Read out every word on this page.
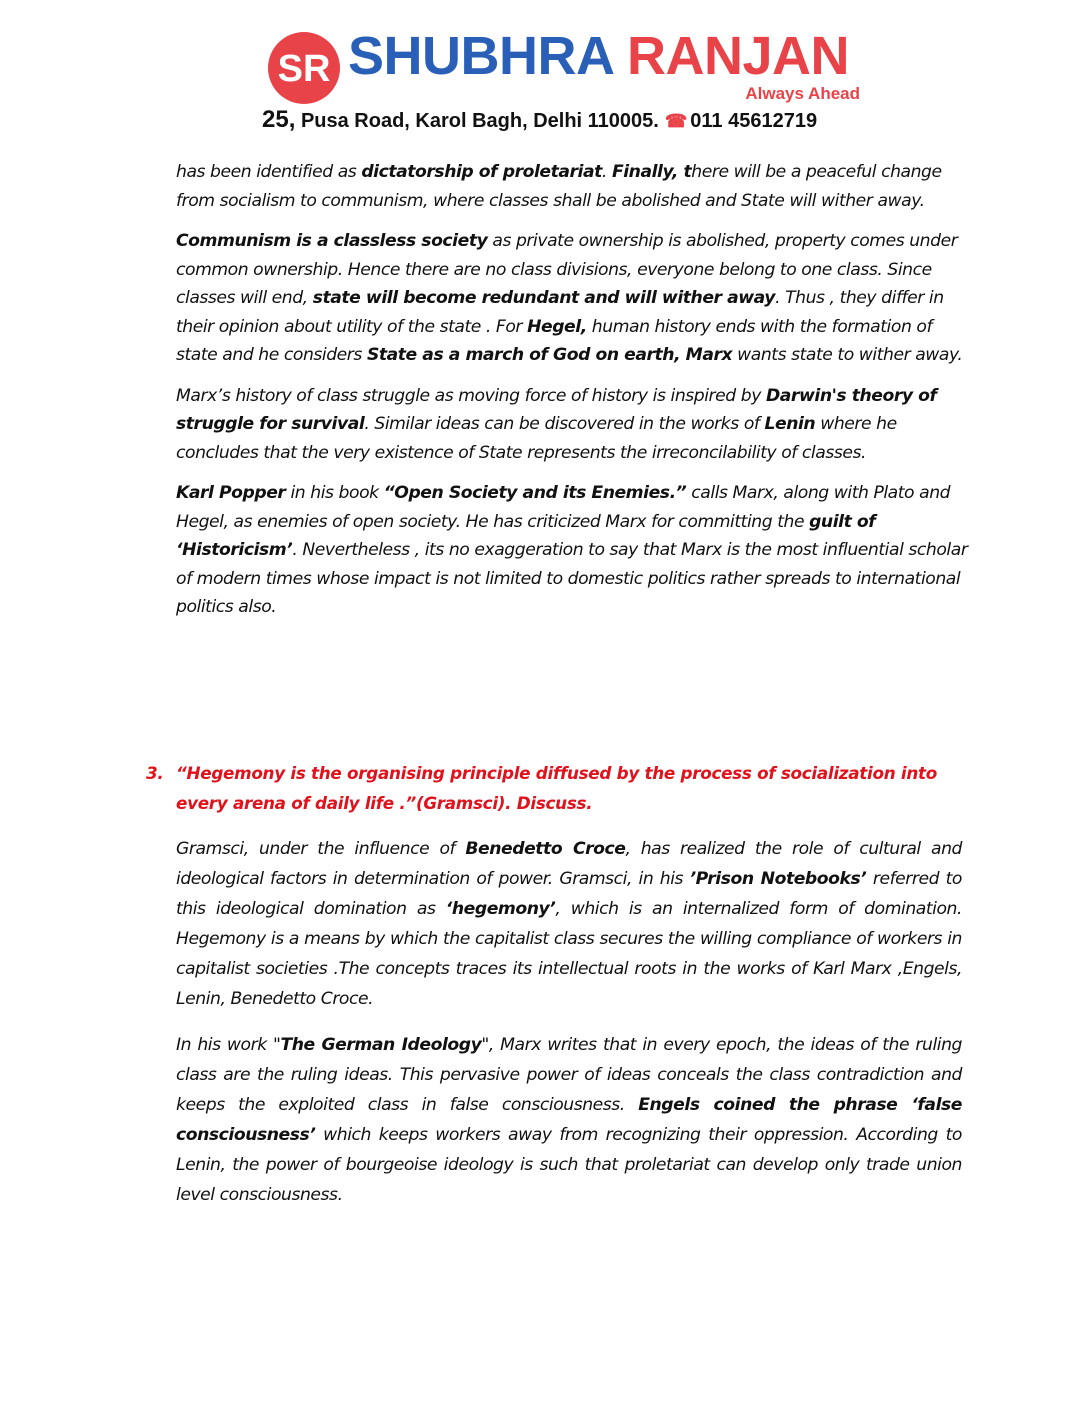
SR SHUBHRA RANJAN
Always Ahead
25, Pusa Road, Karol Bagh, Delhi 110005. ☎ 011 45612719

has been identified as dictatorship of proletariat. Finally, there will be a peaceful change from socialism to communism, where classes shall be abolished and State will wither away.

Communism is a classless society as private ownership is abolished, property comes under common ownership. Hence there are no class divisions, everyone belong to one class. Since classes will end, state will become redundant and will wither away. Thus , they differ in their opinion about utility of the state . For Hegel, human history ends with the formation of state and he considers State as a march of God on earth, Marx wants state to wither away.

Marx’s history of class struggle as moving force of history is inspired by Darwin's theory of struggle for survival. Similar ideas can be discovered in the works of Lenin where he concludes that the very existence of State represents the irreconcilability of classes.

Karl Popper in his book “Open Society and its Enemies.” calls Marx, along with Plato and Hegel, as enemies of open society. He has criticized Marx for committing the guilt of ‘Historicism’. Nevertheless , its no exaggeration to say that Marx is the most influential scholar of modern times whose impact is not limited to domestic politics rather spreads to international politics also.

3. “Hegemony is the organising principle diffused by the process of socialization into every arena of daily life .”(Gramsci). Discuss.

Gramsci, under the influence of Benedetto Croce, has realized the role of cultural and ideological factors in determination of power. Gramsci, in his ’Prison Notebooks’ referred to this ideological domination as ‘hegemony’, which is an internalized form of domination. Hegemony is a means by which the capitalist class secures the willing compliance of workers in capitalist societies .The concepts traces its intellectual roots in the works of Karl Marx ,Engels, Lenin, Benedetto Croce.

In his work "The German Ideology", Marx writes that in every epoch, the ideas of the ruling class are the ruling ideas. This pervasive power of ideas conceals the class contradiction and keeps the exploited class in false consciousness. Engels coined the phrase ‘false consciousness’ which keeps workers away from recognizing their oppression. According to Lenin, the power of bourgeoise ideology is such that proletariat can develop only trade union level consciousness.
